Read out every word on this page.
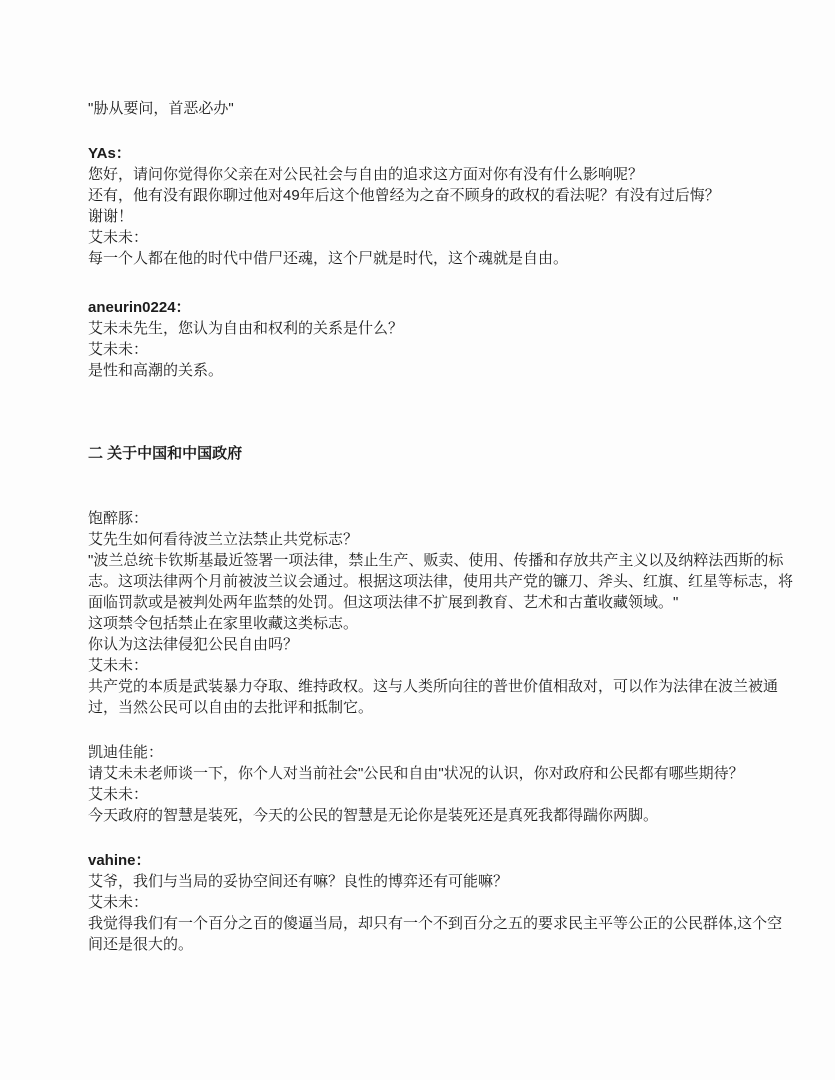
"胁从要问，首恶必办"
YAs：
您好，请问你觉得你父亲在对公民社会与自由的追求这方面对你有没有什么影响呢？
还有，他有没有跟你聊过他对49年后这个他曾经为之奋不顾身的政权的看法呢？有没有过后悔？
谢谢！
艾未未：
每一个人都在他的时代中借尸还魂，这个尸就是时代，这个魂就是自由。
aneurin0224：
艾未未先生，您认为自由和权利的关系是什么？
艾未未：
是性和高潮的关系。
二 关于中国和中国政府
饱醉豚：
艾先生如何看待波兰立法禁止共党标志？
"波兰总统卡钦斯基最近签署一项法律，禁止生产、贩卖、使用、传播和存放共产主义以及纳粹法西斯的标志。这项法律两个月前被波兰议会通过。根据这项法律，使用共产党的镰刀、斧头、红旗、红星等标志，将面临罚款或是被判处两年监禁的处罚。但这项法律不扩展到教育、艺术和古董收藏领域。"
这项禁令包括禁止在家里收藏这类标志。
你认为这法律侵犯公民自由吗？
艾未未：
共产党的本质是武装暴力夺取、维持政权。这与人类所向往的普世价值相敌对，可以作为法律在波兰被通过，当然公民可以自由的去批评和抵制它。
凯迪佳能：
请艾未未老师谈一下，你个人对当前社会"公民和自由"状况的认识，你对政府和公民都有哪些期待？
艾未未：
今天政府的智慧是装死，今天的公民的智慧是无论你是装死还是真死我都得踹你两脚。
vahine：
艾爷，我们与当局的妥协空间还有嘛？良性的博弈还有可能嘛？
艾未未：
我觉得我们有一个百分之百的傻逼当局，却只有一个不到百分之五的要求民主平等公正的公民群体,这个空间还是很大的。
